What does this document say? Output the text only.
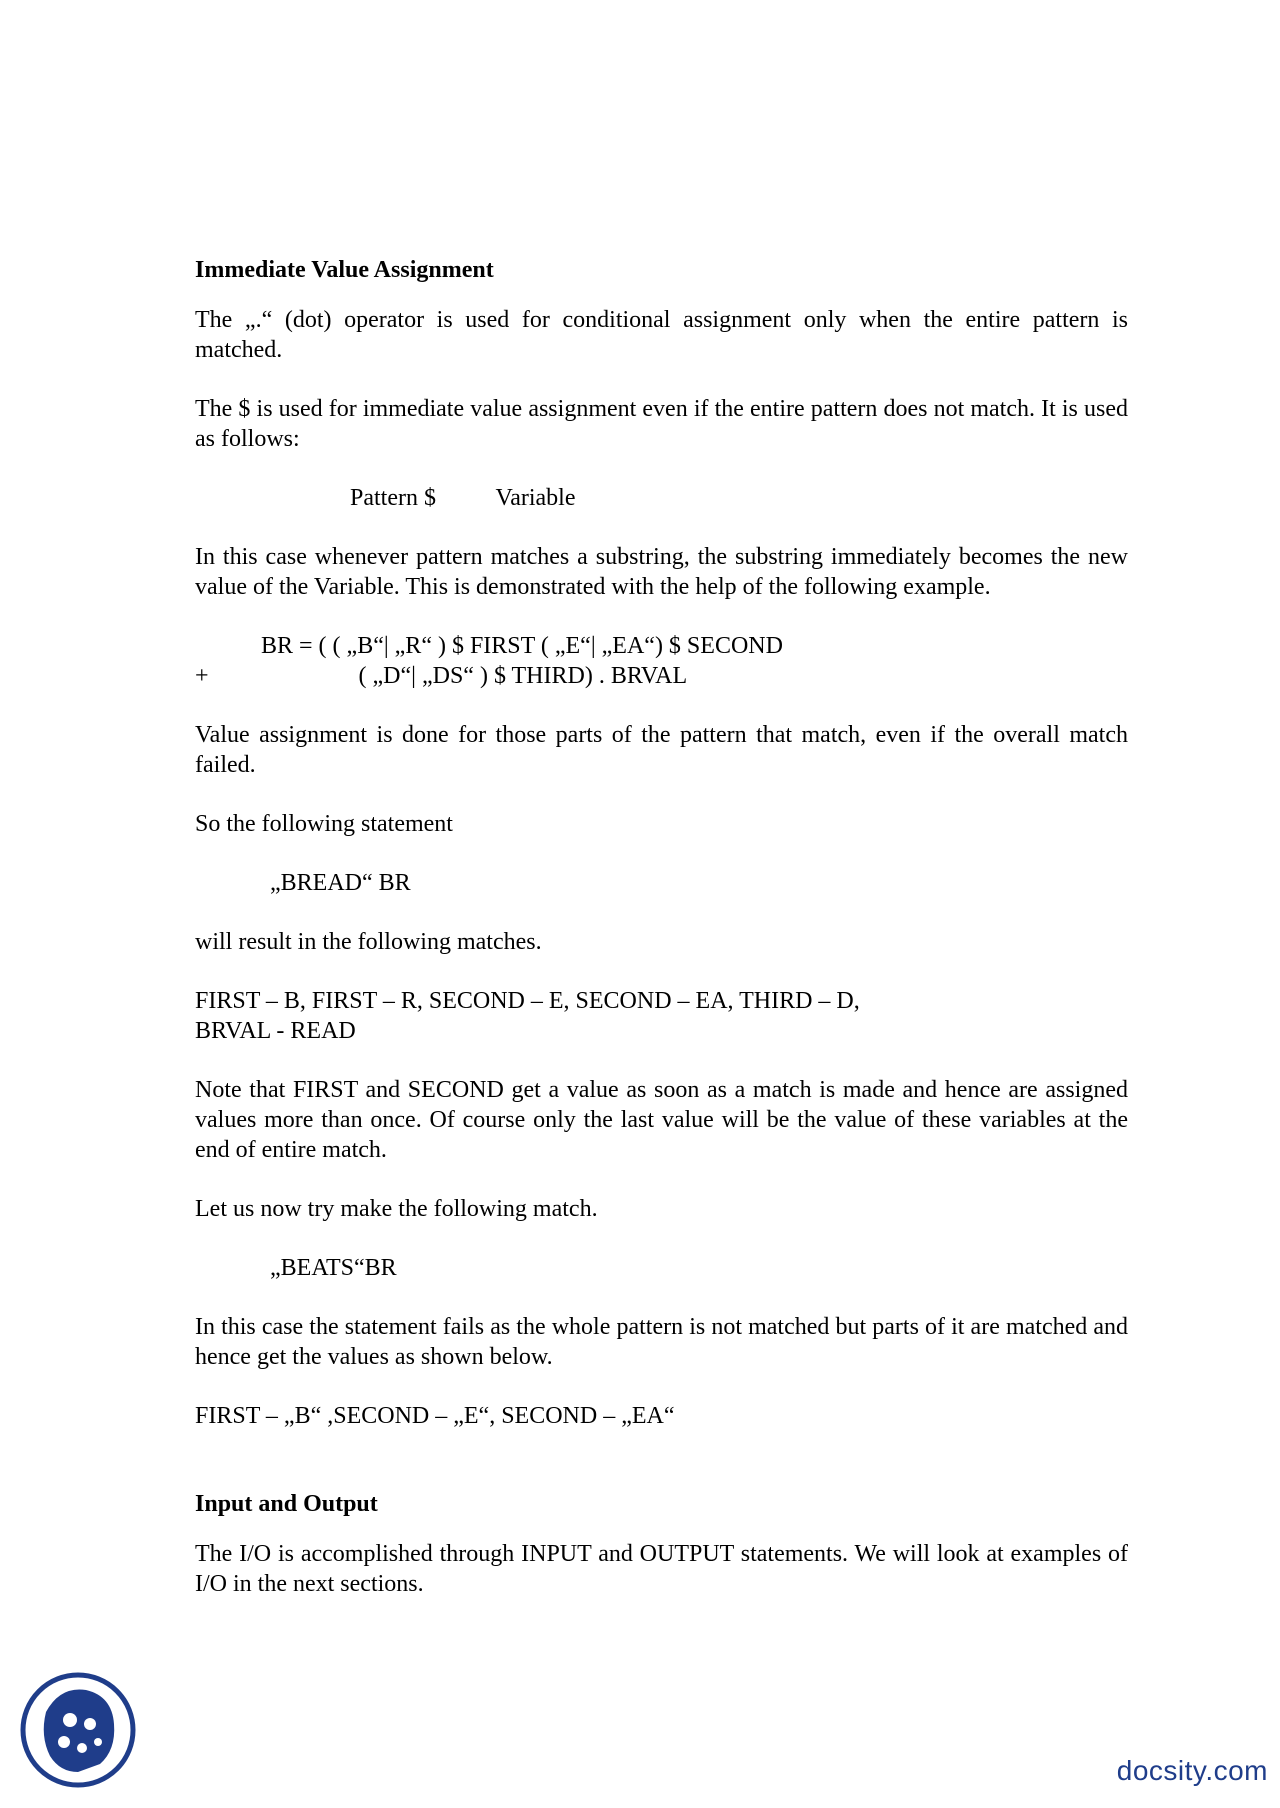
Immediate Value Assignment
The „.“ (dot) operator is used for conditional assignment only when the entire pattern is matched.
The $ is used for immediate value assignment even if the entire pattern does not match. It is used as follows:
Pattern $          Variable
In this case whenever pattern matches a substring, the substring immediately becomes the new value of the Variable. This is demonstrated with the help of the following example.
BR = ( ( „B“| „R“ ) $ FIRST ( „E“| „EA“) $ SECOND
+                         ( „D“| „DS“ ) $ THIRD) . BRVAL
Value assignment is done for those parts of the pattern that match, even if the overall match failed.
So the following statement
„BREAD“ BR
will result in the following matches.
FIRST – B, FIRST – R, SECOND – E, SECOND – EA, THIRD – D,
BRVAL - READ
Note that FIRST and SECOND get a value as soon as a match is made and hence are assigned values more than once. Of course only the last value will be the value of these variables at the end of entire match.
Let us now try make the following match.
„BEATS“BR
In this case the statement fails as the whole pattern is not matched but parts of it are matched and hence get the values as shown below.
FIRST – „B“ ,SECOND – „E“, SECOND – „EA“
Input and Output
The I/O is accomplished through INPUT and OUTPUT statements. We will look at examples of I/O in the next sections.
docsity.com
